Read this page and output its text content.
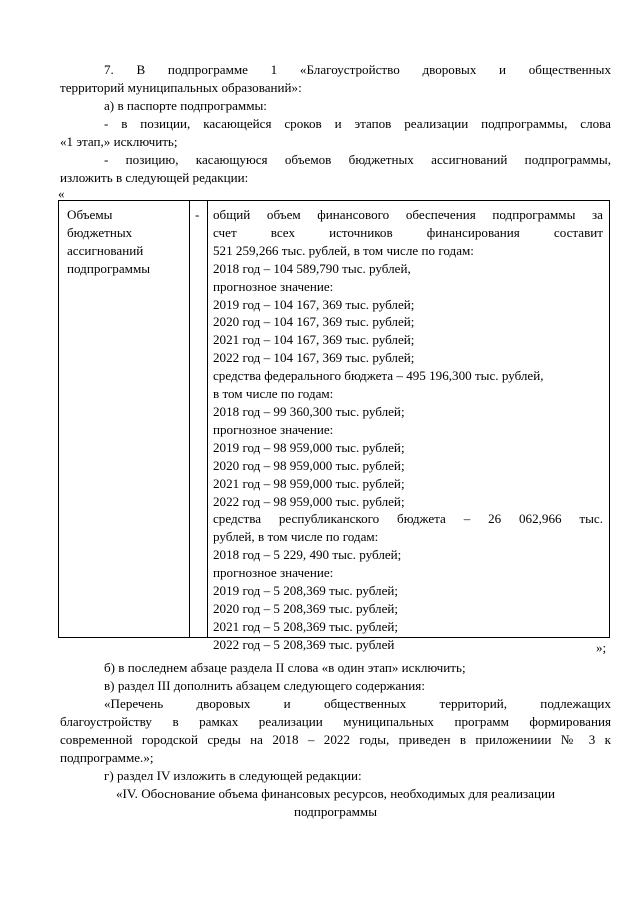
7. В подпрограмме 1 «Благоустройство дворовых и общественных
территорий муниципальных образований»:
а) в паспорте подпрограммы:
- в позиции, касающейся сроков и этапов реализации подпрограммы, слова
«1 этап,» исключить;
- позицию, касающуюся объемов бюджетных ассигнований подпрограммы,
изложить в следующей редакции:
«
Объемы
бюджетных
ассигнований
подпрограммы
- общий объем финансового обеспечения подпрограммы за
счет всех источников финансирования составит
521 259,266 тыс. рублей, в том числе по годам:
2018 год – 104 589,790 тыс. рублей,
прогнозное значение:
2019 год – 104 167, 369 тыс. рублей;
2020 год – 104 167, 369 тыс. рублей;
2021 год – 104 167, 369 тыс. рублей;
2022 год – 104 167, 369 тыс. рублей;
средства федерального бюджета – 495 196,300 тыс. рублей,
в том числе по годам:
2018 год – 99 360,300 тыс. рублей;
прогнозное значение:
2019 год – 98 959,000 тыс. рублей;
2020 год – 98 959,000 тыс. рублей;
2021 год – 98 959,000 тыс. рублей;
2022 год – 98 959,000 тыс. рублей;
средства республиканского бюджета – 26 062,966 тыс.
рублей, в том числе по годам:
2018 год – 5 229, 490 тыс. рублей;
прогнозное значение:
2019 год – 5 208,369 тыс. рублей;
2020 год – 5 208,369 тыс. рублей;
2021 год – 5 208,369 тыс. рублей;
2022 год – 5 208,369 тыс. рублей	»;
б) в последнем абзаце раздела II слова «в один этап» исключить;
в) раздел III дополнить абзацем следующего содержания:
«Перечень дворовых и общественных территорий, подлежащих
благоустройству в рамках реализации муниципальных программ формирования
современной городской среды на 2018 – 2022 годы, приведен в приложениии № 3 к
подпрограмме.»;
г) раздел IV изложить в следующей редакции:
«IV. Обоснование объема финансовых ресурсов, необходимых для реализации
подпрограммы
